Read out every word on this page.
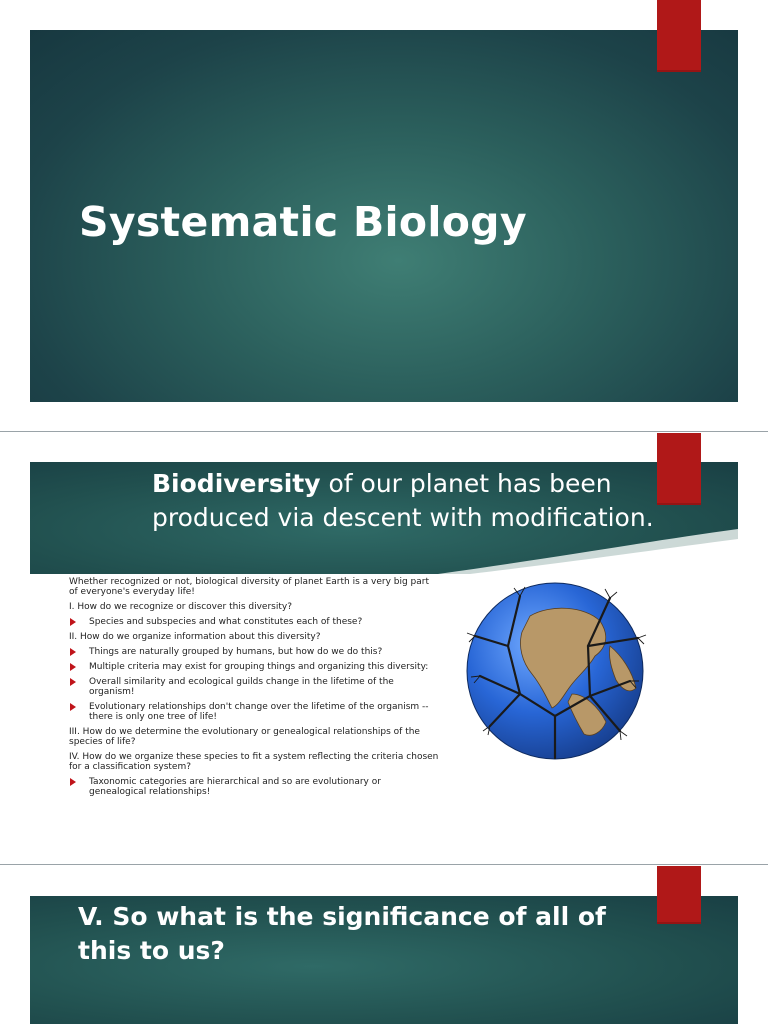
Systematic Biology
Biodiversity of our planet has been produced via descent with modification.
Whether recognized or not, biological diversity of planet Earth is a very big part of everyone's everyday life!
I. How do we recognize or discover this diversity?
Species and subspecies and what constitutes each of these?
II. How do we organize information about this diversity?
Things are naturally grouped by humans, but how do we do this?
Multiple criteria may exist for grouping things and organizing this diversity:
Overall similarity and ecological guilds change in the lifetime of the organism!
Evolutionary relationships don't change over the lifetime of the organism -- there is only one tree of life!
III. How do we determine the evolutionary or genealogical relationships of the species of life?
IV. How do we organize these species to fit a system reflecting the criteria chosen for a classification system?
Taxonomic categories are hierarchical and so are evolutionary or genealogical relationships!
V. So what is the significance of all of this to us?
